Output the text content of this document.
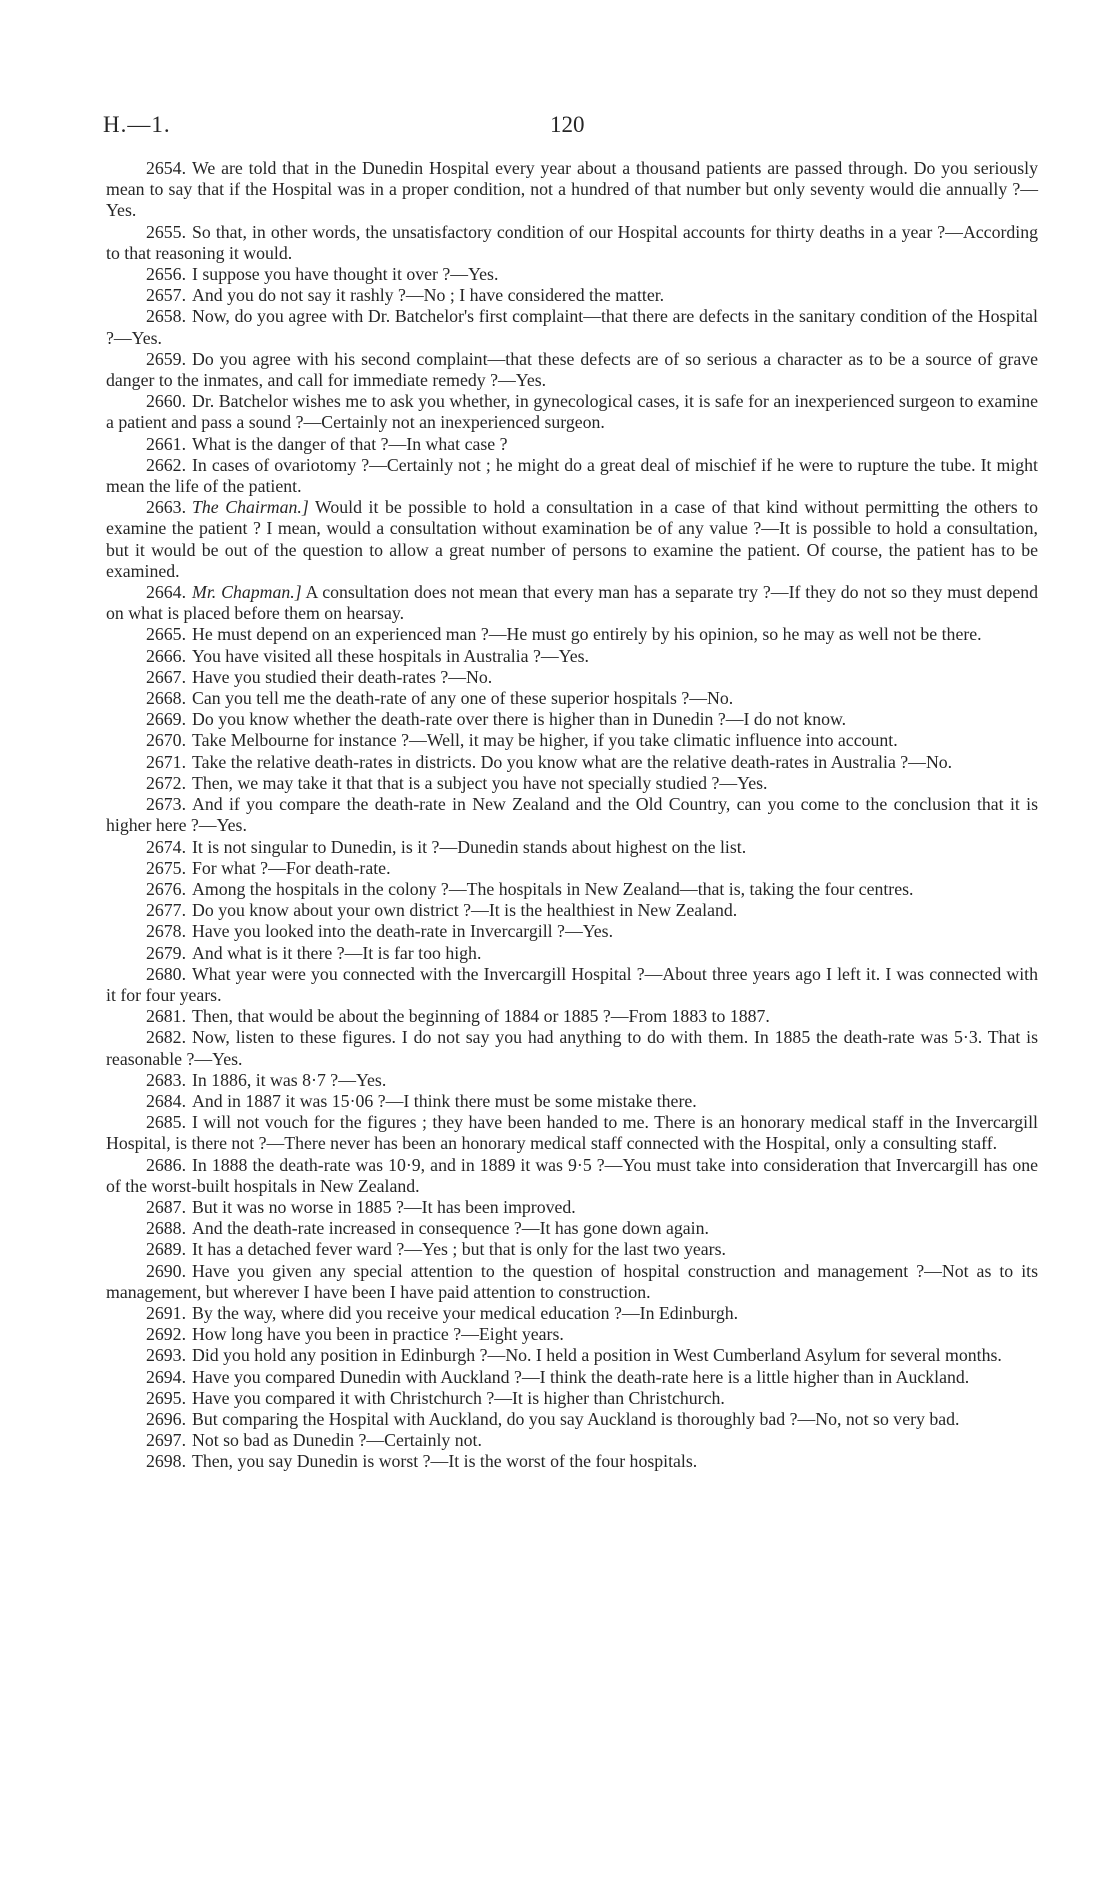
H.—1.	120

2654. We are told that in the Dunedin Hospital every year about a thousand patients are passed through. Do you seriously mean to say that if the Hospital was in a proper condition, not a hundred of that number but only seventy would die annually ?—Yes.

2655. So that, in other words, the unsatisfactory condition of our Hospital accounts for thirty deaths in a year ?—According to that reasoning it would.

2656. I suppose you have thought it over ?—Yes.

2657. And you do not say it rashly ?—No ; I have considered the matter.

2658. Now, do you agree with Dr. Batchelor's first complaint—that there are defects in the sanitary condition of the Hospital ?—Yes.

2659. Do you agree with his second complaint—that these defects are of so serious a character as to be a source of grave danger to the inmates, and call for immediate remedy ?—Yes.

2660. Dr. Batchelor wishes me to ask you whether, in gynecological cases, it is safe for an inexperienced surgeon to examine a patient and pass a sound ?—Certainly not an inexperienced surgeon.

2661. What is the danger of that ?—In what case ?

2662. In cases of ovariotomy ?—Certainly not ; he might do a great deal of mischief if he were to rupture the tube. It might mean the life of the patient.

2663. The Chairman.] Would it be possible to hold a consultation in a case of that kind without permitting the others to examine the patient ? I mean, would a consultation without examination be of any value ?—It is possible to hold a consultation, but it would be out of the question to allow a great number of persons to examine the patient. Of course, the patient has to be examined.

2664. Mr. Chapman.] A consultation does not mean that every man has a separate try ?—If they do not so they must depend on what is placed before them on hearsay.

2665. He must depend on an experienced man ?—He must go entirely by his opinion, so he may as well not be there.

2666. You have visited all these hospitals in Australia ?—Yes.

2667. Have you studied their death-rates ?—No.

2668. Can you tell me the death-rate of any one of these superior hospitals ?—No.

2669. Do you know whether the death-rate over there is higher than in Dunedin ?—I do not know.

2670. Take Melbourne for instance ?—Well, it may be higher, if you take climatic influence into account.

2671. Take the relative death-rates in districts. Do you know what are the relative death-rates in Australia ?—No.

2672. Then, we may take it that that is a subject you have not specially studied ?—Yes.

2673. And if you compare the death-rate in New Zealand and the Old Country, can you come to the conclusion that it is higher here ?—Yes.

2674. It is not singular to Dunedin, is it ?—Dunedin stands about highest on the list.

2675. For what ?—For death-rate.

2676. Among the hospitals in the colony ?—The hospitals in New Zealand—that is, taking the four centres.

2677. Do you know about your own district ?—It is the healthiest in New Zealand.

2678. Have you looked into the death-rate in Invercargill ?—Yes.

2679. And what is it there ?—It is far too high.

2680. What year were you connected with the Invercargill Hospital ?—About three years ago I left it. I was connected with it for four years.

2681. Then, that would be about the beginning of 1884 or 1885 ?—From 1883 to 1887.

2682. Now, listen to these figures. I do not say you had anything to do with them. In 1885 the death-rate was 5·3. That is reasonable ?—Yes.

2683. In 1886, it was 8·7 ?—Yes.

2684. And in 1887 it was 15·06 ?—I think there must be some mistake there.

2685. I will not vouch for the figures ; they have been handed to me. There is an honorary medical staff in the Invercargill Hospital, is there not ?—There never has been an honorary medical staff connected with the Hospital, only a consulting staff.

2686. In 1888 the death-rate was 10·9, and in 1889 it was 9·5 ?—You must take into consideration that Invercargill has one of the worst-built hospitals in New Zealand.

2687. But it was no worse in 1885 ?—It has been improved.

2688. And the death-rate increased in consequence ?—It has gone down again.

2689. It has a detached fever ward ?—Yes ; but that is only for the last two years.

2690. Have you given any special attention to the question of hospital construction and management ?—Not as to its management, but wherever I have been I have paid attention to construction.

2691. By the way, where did you receive your medical education ?—In Edinburgh.

2692. How long have you been in practice ?—Eight years.

2693. Did you hold any position in Edinburgh ?—No. I held a position in West Cumberland Asylum for several months.

2694. Have you compared Dunedin with Auckland ?—I think the death-rate here is a little higher than in Auckland.

2695. Have you compared it with Christchurch ?—It is higher than Christchurch.

2696. But comparing the Hospital with Auckland, do you say Auckland is thoroughly bad ?—No, not so very bad.

2697. Not so bad as Dunedin ?—Certainly not.

2698. Then, you say Dunedin is worst ?—It is the worst of the four hospitals.
